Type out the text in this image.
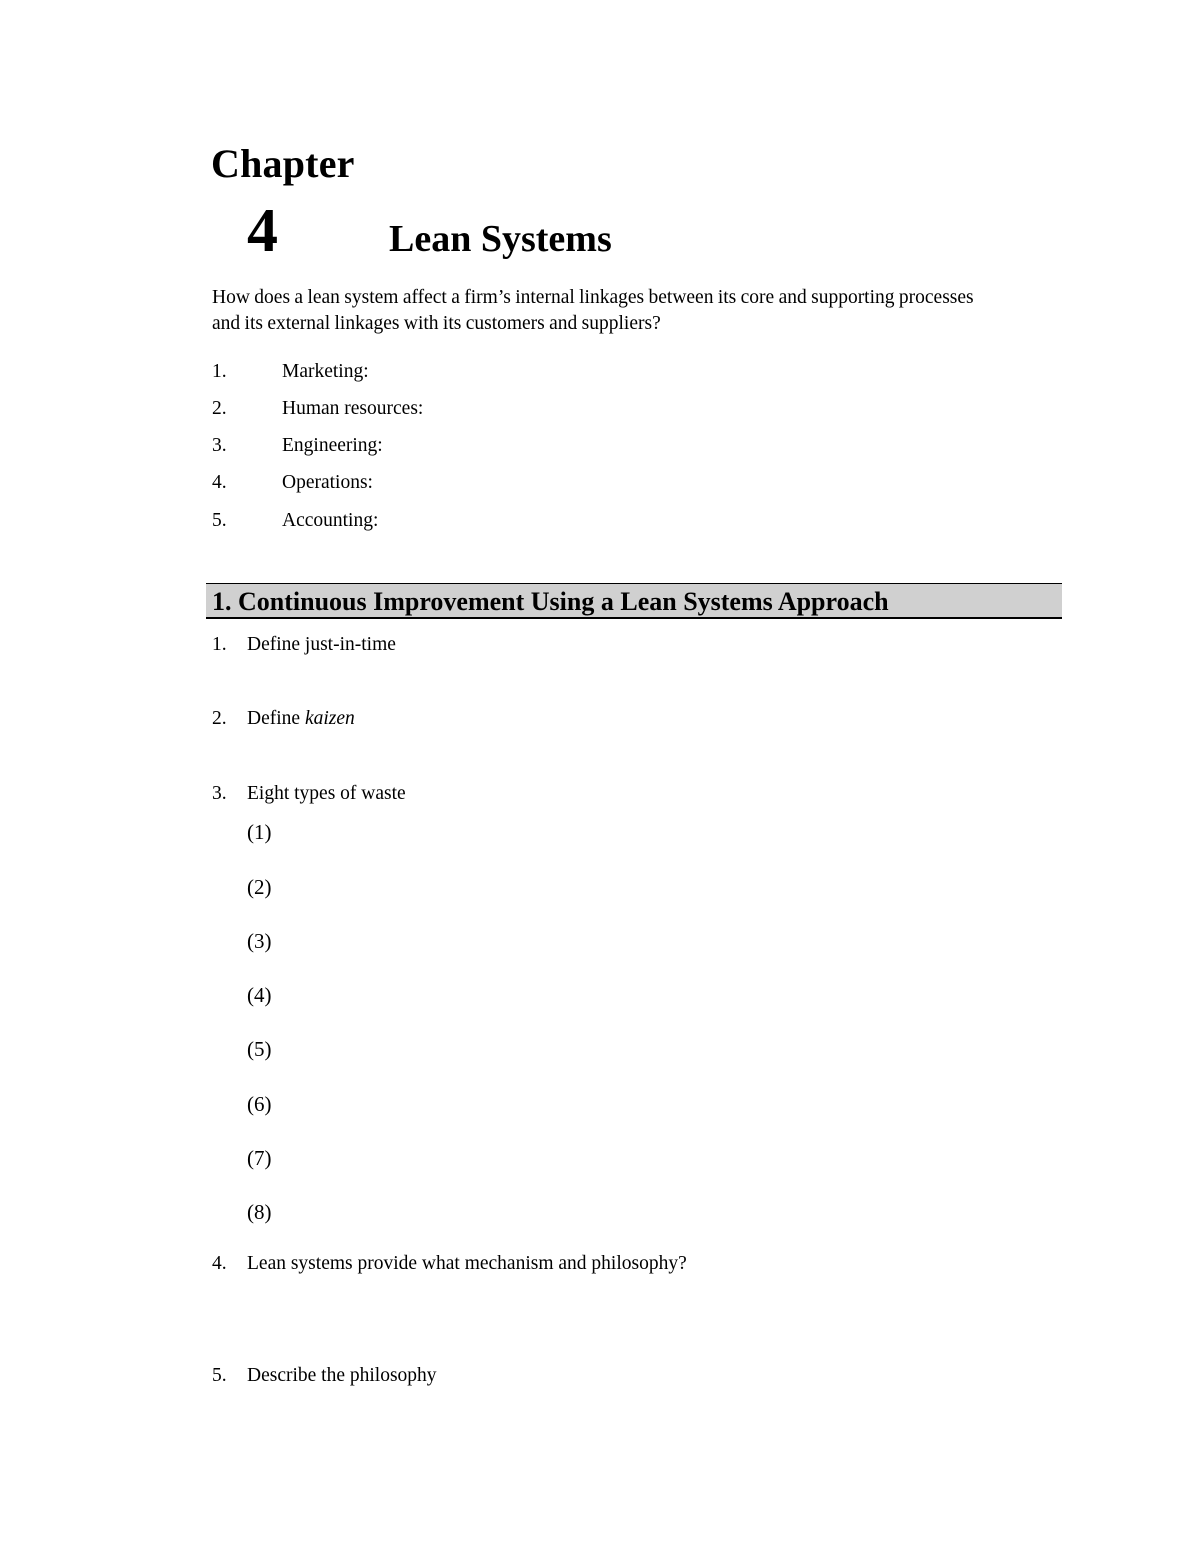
Chapter
4	Lean Systems
How does a lean system affect a firm’s internal linkages between its core and supporting processes
and its external linkages with its customers and suppliers?
1.	Marketing:
2.	Human resources:
3.	Engineering:
4.	Operations:
5.	Accounting:
1. Continuous Improvement Using a Lean Systems Approach
1. Define just-in-time
2. Define kaizen
3. Eight types of waste
(1)
(2)
(3)
(4)
(5)
(6)
(7)
(8)
4. Lean systems provide what mechanism and philosophy?
5. Describe the philosophy
